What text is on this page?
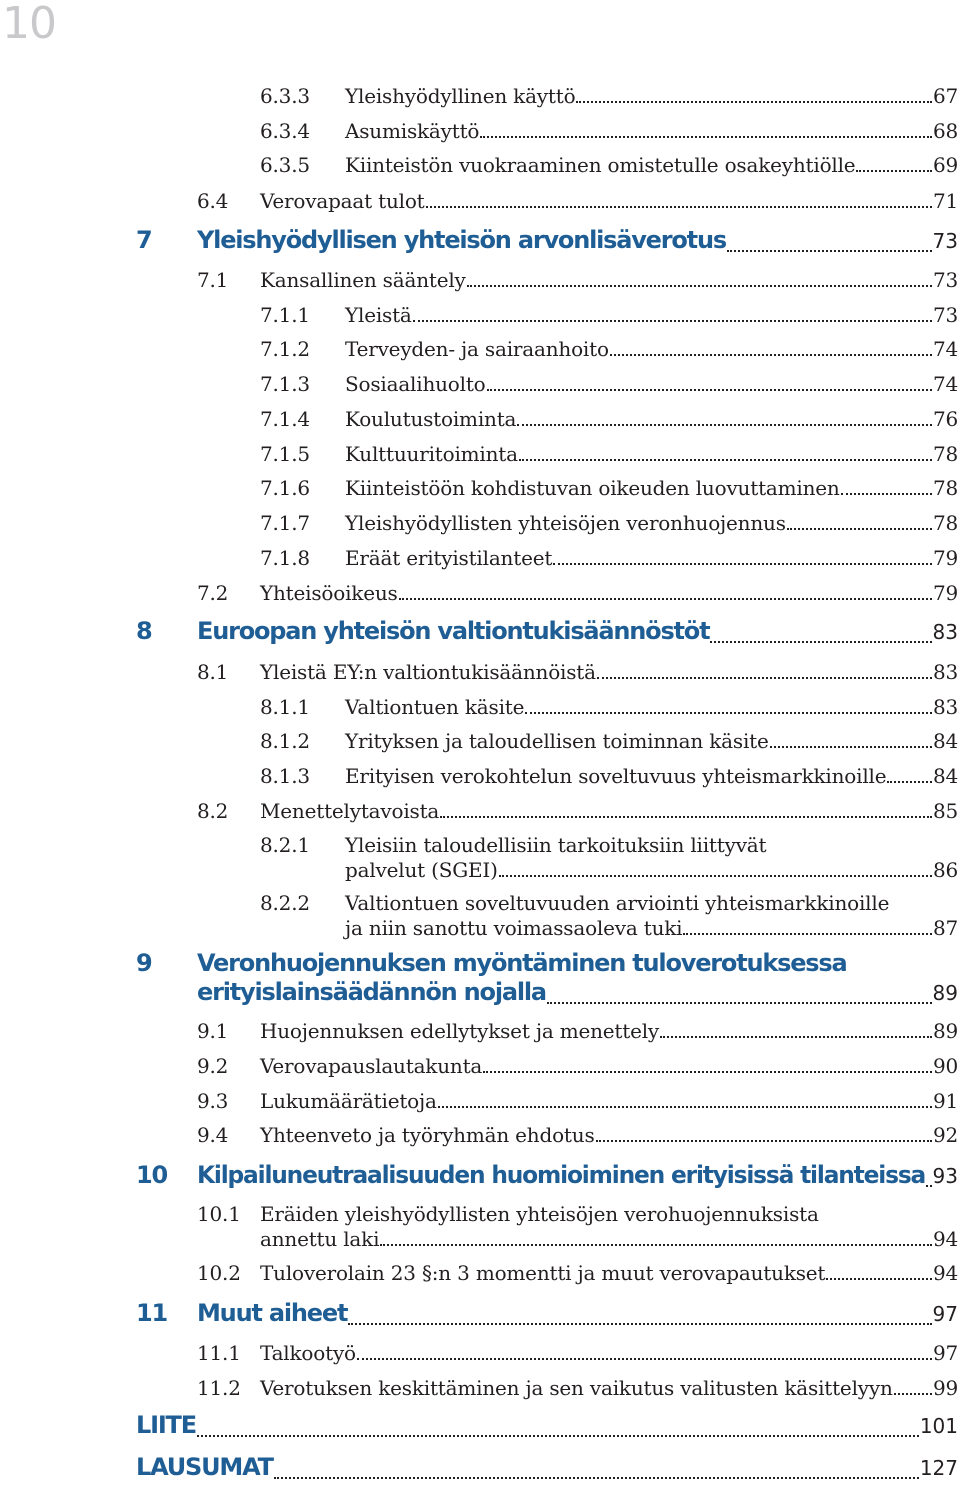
10
6.3.3 Yleishyödyllinen käyttö	67
6.3.4 Asumiskäyttö	68
6.3.5 Kiinteistön vuokraaminen omistetulle osakeyhtiölle	69
6.4 Verovapaat tulot	71
7 Yleishyödyllisen yhteisön arvonlisäverotus	73
7.1 Kansallinen sääntely	73
7.1.1 Yleistä	73
7.1.2 Terveyden- ja sairaanhoito	74
7.1.3 Sosiaalihuolto	74
7.1.4 Koulutustoiminta	76
7.1.5 Kulttuuritoiminta	78
7.1.6 Kiinteistöön kohdistuvan oikeuden luovuttaminen	78
7.1.7 Yleishyödyllisten yhteisöjen veronhuojennus	78
7.1.8 Eräät erityistilanteet	79
7.2 Yhteisöoikeus	79
8 Euroopan yhteisön valtiontukisäännöstöt	83
8.1 Yleistä EY:n valtiontukisäännöistä	83
8.1.1 Valtiontuen käsite	83
8.1.2 Yrityksen ja taloudellisen toiminnan käsite	84
8.1.3 Erityisen verokohtelun soveltuvuus yhteismarkkinoille 84
8.2 Menettelytavoista	85
8.2.1 Yleisiin taloudellisiin tarkoituksiin liittyvät
palvelut (SGEI)	86
8.2.2 Valtiontuen soveltuvuuden arviointi yhteismarkkinoille
ja niin sanottu voimassaoleva tuki	87
9 Veronhuojennuksen myöntäminen tuloverotuksessa
erityislainsäädännön nojalla	89
9.1 Huojennuksen edellytykset ja menettely	89
9.2 Verovapauslautakunta	90
9.3 Lukumäärätietoja	91
9.4 Yhteenveto ja työryhmän ehdotus	92
10 Kilpailuneutraalisuuden huomioiminen erityisissä tilanteissa 93
10.1 Eräiden yleishyödyllisten yhteisöjen verohuojennuksista
annettu laki	94
10.2 Tuloverolain 23 §:n 3 momentti ja muut verovapautukset	94
11 Muut aiheet	97
11.1 Talkootyö	97
11.2 Verotuksen keskittäminen ja sen vaikutus valitusten käsittelyyn 99
LIITE	101
LAUSUMAT	127
